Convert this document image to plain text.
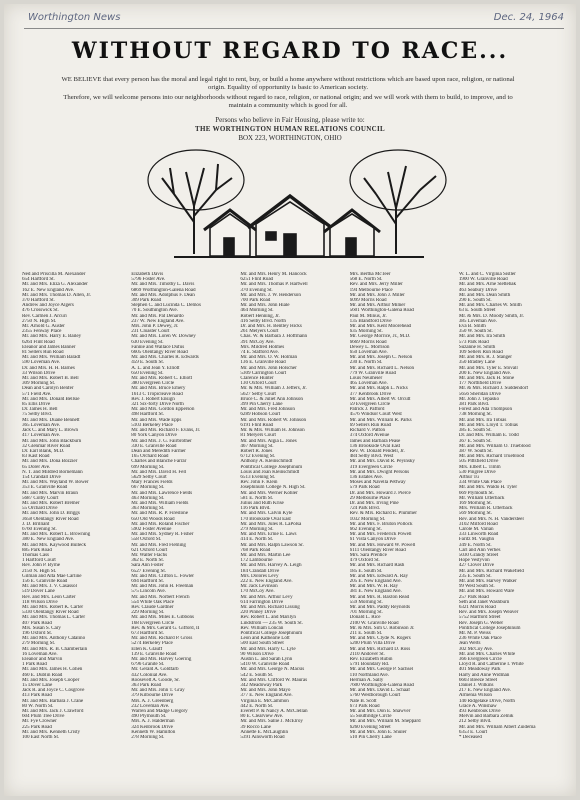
Worthington News	Dec. 24, 1964
WITHOUT REGARD TO RACE...
WE BELIEVE that every person has the moral and legal right to rent, buy, or build a home anywhere without restrictions which are based upon race, religion, or national origin. Equality of opportunity is basic to American society.
Therefore, we will welcome persons into our neighborhoods without regard to race, religion, or national origin; and we will work with them to build, to improve, and to maintain a community which is good for all.
Persons who believe in Fair Housing, please write to:
THE WORTHINGTON HUMAN RELATIONS COUNCIL
BOX 223, WORTHINGTON, OHIO
Ned and Priscilla M. Alexander
654 Hartford St.
Mr. and Mrs. Eliza G. Alexander
162 E. New England Ave.
Mr. and Mrs. Thomas D. Allen, Jr.
370 Hartford St.
Andrew and Joyce Algers
476 Crosswick St.
Rev. Carmen J. Arcuri
2750 N. High St.
Mr. Arnold G. Auster
2355 Fenway Place
Mr. and Mrs. Harry E. Bailey
6264 Flint Road
Eleanor and James Banner
81 Sellers Run Road
Mr. and Mrs. William Baradt
590 Loveman Ave.
Dr. and Mrs. H. H. Barnes
33 Wilson Drive
Mr. and Mrs. Robert B. Bell
309 Morning St.
Dean and Carolyn Benfer
571 Field Ave.
Mr. and Mrs. Donald Bellsie
85 Ellis Drive
Dr. James H. Bell
75 Selby Blvd.
Mr. and Mrs. Duane Bennett
365 Loveman Ave.
Jack C. and Mary L. Brown
417 Loveman Ave.
Mr. and Mrs. John Blackburn
32 Glenmar River Road
Dr. Earl Blank, M.D.
83 Kast Road
Mr. and Mrs. Dona Bozzier
65 Dorer Ave.
N. T. and Mildred Bornemann
154 Crandall Drive
Mr. and Mrs. Wayland W. Bower
353 E. Granville Road
Mr. and Mrs. Marvin Braun
5687 Colby Court
Mr. and Mrs. Robert Bremer
55 Orchard Drive
Mr. and Mrs. John D. Briggs
3658 Olentangy River Road
J. D. Brilliant
6760 Evening St.
Mr. and Mrs. Robert L. Browning
380 E. New England Ave.
Mr. and Mrs. Kaywood Bulleck
885 Park Road
Thomas Cass
1 Hartford Court
Rev. John P. Byrne
2150 N. High St.
Gilman and Alta Mae Carline
156 E. Granville Road
Mr. and Mrs. J. V. Casassol
519 Dover Lane
Rev. and Mrs. Leon Carter
118 Wilson Drive
Mr. and Mrs. Robert K. Carter
5330 Olentangy River Road
Mr. and Mrs. Thomas L. Carter
407 Park Road
Mrs. Susan S. Cary
196 Oxford St.
Mr. and Mrs. Anthony Catalino
279 Morning St.
Mr. and Mrs. R. B. Chamberlain
16 Loveman Ave.
Eleanor and Marvin
1 Park Road
Mr. and Mrs. James H. Cohen
460 E. Dublin Road
Mr. and Mrs. Joseph Cooper
15 Dover Lane
Jack R. and Joyce C. Cosgrove
413 Park Road
Mr. and Mrs. Barbara J. Crane
80 W. North St.
Mr. and Mrs. Jack J. Crawford
604 Plum Tree Drive
Mr. Fye Crowner
225 Park Road
Mr. and Mrs. Kenneth Cristy
100 East North St.
Elizabeth Davis
5796 Foster Ave.
Mr. and Mrs. Timothy L. Davis
6869 Worthington-Galena Road
Mr. and Mrs. Adolphus F. Dean
309 Park Road
Stephen C. and Lucinda C. Demos
70 E. Southington Ave.
Mr. and Mrs. Pat Denardo
237 W. New England Ave.
Mrs. John P. Dewey, Jr.
231 Cloaster Court
Mr. and Mrs. Loren W. Downey
630 Evening St.
Fannie and Wallace Dufus
6605 Olentangy River Road
Mr. and Mrs. Charles R. Edwards
459 E. South St.
A. L. and Jean Y. Elliott
650 Evening St.
Mr. and Mrs. Robert C. Elliott
380 Evergreen Circle
Mr. and Mrs. Bruce Emery
1613 C Tropicleave Road
Rev. J. Robert Ensign
321 Six-forty Drive North
Mr. and Mrs. Gordon Epperson
498 Hartford St.
Mr. and Mrs. Wade Epps
5103 Berkeley Place
Mr. and Mrs. Richard F. Evans, Jr.
80 York Canyon Drive
Mr. and Mrs. J. G. Fairbrother
330 E. Granville Road
Dean and Meredith Farmer
165 Orchard Road
Charles and Blanche Farrar
699 Morning St.
Mr. and Mrs. David H. Fell
5629 Selby Court
Mary Frances Fields
667 Morning St.
Mr. and Mrs. Lawrence Fields
463 Morning St.
Mr. and Mrs. William Fields
363 Morning St.
Mr. and Mrs. R. P. Firestone
650 Old Woods Road
Mr. and Mrs. Roland Fischer
5902 Foster Avenue
Mr. and Mrs. Sydney R. Fisher
558 Oxford St.
Mr. and Mrs. Fred Fleming
621 Oxford Court
Mr. Walter Flachs
362 E. North St.
Sara Ann Foster
6527 Evening St.
Mr. and Mrs. Clifton L. Fowler
694 Hartford St.
Mr. and Mrs. John H. Freeman
575 Lincoln Ave.
Mr. and Mrs. Norbert French
554 White Oak Place
Rev. Claude Gardner
229 Morning St.
Mr. and Mrs. Miles E. Gibbons
168 Evergreen Circle
Rev. & Mrs. Gerard G. Gifford, II
673 Hartford St.
Mr. and Mrs. Richard P. Gross
5274 Berkeley Place
Ellen K. Glauff
139 E. Granville Road
Mr. and Mrs. Harvey Goering
6796 Granite St.
Mr. Gerald A. Goldfarb
432 Colonial Ave.
Roosevelt A. Goode, Sr.
363 Park Road
Mr. and Mrs. John T. Gray
379 Kilbourne Drive
Mrs. A. J. Greenberg
232 Loveman Ave.
Warren and Madge Gregory
490 Plymouth St.
Mrs. A. J. Halderman
324 Kenbrook Drive
Kenneth W. Hamilton
278 Morning St.
Mr. and Mrs. Henry M. Hancock
6251 Flint Road
Mr. and Mrs. Thomas P. Hartwell
370 Evening St.
Mr. and Mrs. J. W. Henderson
700 Park Road
Mr. and Mrs. John Hiale
464 Morning St.
Robert Henning, Jr.
416 Selby Blvd. North
Dr. and Mrs. H. Bentley Hicks
261 Melyers Court
Chas. W. & Barbara J. Hoffmann
391 McCoy Ave.
Mrs. Mildred Holmes
74 E. Stafford Ave.
Mr. and Mrs. O. W. Holman
136 E. Granville Road
Mr. and Mrs. John Holscher
5309 Carrington Court
Clarence Hunter
130 Oxford Court
Mr. & Mrs. William J. Jeffers, Jr.
5627 Selby Court
Bruce C. & Juliet Ann Johnson
399 Pin Cherry Lane
Mr. and Mrs. Fred Johnson
6289 Hobson Court
Mr. and Mrs. Robert W. Johnson
6191 Flint Road
Mr. & Mrs. William H. Johnson
81 Melyers Court
Mr. and Mrs. Algia L. Jones
467 Morning St.
Robert R. Jones
6712 Evening St.
Anthony A. Kleinschmidt
Pontifical College Josephinum
Louis and Joan Kleinschmidt
6513 Evening St.
Rev. John F. Klein
Josephinum College N. High St.
Mr. and Mrs. Werner Kohler
581 E. North St.
Julius and Ruth Krise
116 Park Blvd.
Mr. and Mrs. Calvin Kyle
170 Brookside Oval East
Mr. and Mrs. Jules R. LaPolsa
279 Morning St.
Mr. and Mrs. Ernie E. Laws
414 E. North St.
Mr. and Mrs. Ralph Lawson Sr.
768 Park Road
Mr. and Mrs. Martin Lee
172 Lambourne
Mr. and Mrs. Harvey A. Leigh
184 Crandall Drive
Mrs. Dolores Levy
222 E. New England Ave.
Mr. Jack Levinson
170 McCoy Ave.
Mr. and Mrs. Arthur Levy
614 Farrington Drive
Mr. and Mrs. Richard Lissing
220 Pinney Drive
Rev. Robert L. and Marilyn
Lindstrom — 235 W. South St.
Rev. William Loncan
Pontifical College Josephinum
Leon and Kathearie Lott
500 East South Street
Mr. and Mrs. Harry C. Lyle
90 Wilson Drive
Austin L. and Sarah Lynn
5410 W. Granville Road
Mr. and Mrs. George N. Macsis
542 E. South St.
Mr. and Mrs. Clifford W. Mauras
342 Meadoway Park
Mr. and Mrs. John Mayo
377 E. New England Ave.
Virginia E. McCammon
442 E. North St.
Everett P. & Nancy A. McClellan
80 E. Clearview Ave.
Mr. and Mrs. Sallie J. McElroy
39 Rocco Lane
Annette E. McLaughlin
5391 Ainsworth Road
Mrs. Bertha McTeer
568 E. North St.
Rev. and Mrs. Jerry Miller
194 Melbourne Place
Mr. and Mrs. John J. Miller
6099 Morris Road
Mr. and Mrs. Arthur Milner
5601 Worthington-Galena Road
Paul M. Minus, Jr.
135 Blandford Drive
Mr. and Mrs. Kent Moorehead
635 Morning St.
Mr. George Morrice, Jr., M.D.
6669 Morris Road
Dewey L. Morrison
650 Loveman Ave.
Mr. and Mrs. Joseph C. Nelson
230 E. North St.
Mr. and Mrs. Richard L. Nelson
779 W. Granville Road
Louis Neumeier
465 Loveman Ave.
Mr. and Mrs. Ralph L. Nicks
377 Kenbrook Drive
Mr. and Mrs. Albert W. Orcutt
59 Evergreen Circle
Patrick J. Pafford
4576 Windsor Court West
Mr. and Mrs. William R. Parks
69 Sellers Run Road
Richard V. Patton
374 Oxford Avenue
James and Barbara Pease
136 Brookside Oval East
Rev. W. Donald Pendell, Jr.
484 Selby Blvd. West
Mr. and Mrs. David R. Peyinsky
319 Evergreen Circle
Mr. and Mrs. Dwight Persons
136 Estates Ave.
Moses and Navella Pettway
579 Park Road
Dr. and Mrs. Howard J. Pierce
29 Melbourne Place
Dr. and Mrs. Irving Pine
724 Park Blvd.
Rev. & Mrs. Richard E. Plummer
1032 Morning St.
Mr. and Mrs. F. Bruton Pollock
662 Evening St.
Mr. and Mrs. Frederick Powell
61 Vista Canyon Drive
Mr. and Mrs. Howard W. Powell
6111 Olentangy River Road
Mrs. Sara Prentice
479 Oxford St.
Mr. and Mrs. Richard Rash
185 E. South St.
Mr. and Mrs. Edward A. Ray
205 E. New England Ave.
Mr. and Mrs. W. H. Ray
381 E. New England Ave.
Mr. and Mrs. R. Baxton Read
559 Morning St.
Mr. and Mrs. Paddy Reynolds
701 Morning St.
Donald L. Rice
2100 W. Granville Road
Mr. & Mrs. Sim U. Robinson Jr.
211 E. South St.
Mr. and Mrs. Clyde N. Rogers
5200 Plum Villa Drive
Mr. and Mrs. Richard D. Ross
2110 Andover St.
Rev. Elizabeth Rubin
5791 Boundary Rd.
Mr. and Mrs. George P. Sachsel
110 Northland Ave.
Herman A. Sally
7600 Worthington-Galena Road
Mr. and Mrs. David L. Schaaf
5760 Westborough Court
Nate B. Scott
673 Park Road
Mr. and Mrs. Don E. Shawver
55 Southridge Circle
Mr. and Mrs. William M. Sheppard
6260 Evening Street
Mr. and Mrs. John E. Shuler
510 Pin Cherry Lane
W. L. and C. Virginia Sistler
1900 W. Granville Road
Mr. and Mrs. Arne Slettebak
463 Seabury Drive
Mr. and Mrs. Dean Smith
290 E. South St.
Mr. and Mrs. Charles W. Smith
63 E. South Street
Mr. & Mrs. D. Moody Smith, Jr.
385 Loveman Ave.
Eva B. Smith
350 W. South St.
Mr. and Mrs. Ira Smith
573 Park Road
Suzanne H. Smith
109 Sellers Run Road
Mr. and Mrs. R. J. Stanger
350 Bradley Lane
Mr. and Mrs. Tyler E. Stovall
200 E. New England Ave.
Mr. and Mrs. Jack H. Stone
177 Northfield Drive
Mr. & Mrs. Richard J. Suddendorf
5656 Sheridan Drive
Mr. John J. Tepasko
381 Park Blvd.
Forest and Ada Thompson
738 Morning St.
Mr. and Mrs. Ira Tobias
Mr. and Mrs. Lloyd T. Tobias
385 E. South St.
Dr. and Mrs. William E. Todd
367 E. South St.
Mr. and Mrs. William O. Trueblood
387 W. South St.
Mr. and Mrs. Richard Trueblood
505 Pittsfield Drive
Mrs. Elbert L. Timm
530 Pingree Drive
Arthur Tu
334 White Oak Place
Mr. and Mrs. Waldo H. Tyler
669 Plymouth St.
Mr. William Utterback
169 Morning St.
Mrs. William R. Utterback
569 Morning St.
Rev. and Mrs. N. H. Vandersteel
3102 Milford Road
Carole M. Varian
333 Linworth Road
Faritz M. Vaughn
349 E. North St.
Carl and Ann Verhes
5030 Grandy Street
Hope Vestyvon
427 Clover Drive
Mr. and Mrs. Richard Wakefield
235 E. South St.
Mr. and Mrs. Harvey Walker
99 West South St.
Mr. and Mrs. Howard Ware
257 Park Road
Seth and Janet Washburn
6321 Morris Road
Rev. and Mrs. Joseph Weaver
5752 Hartford Street
Rev. Joseph G. Weber
Pontifical College Josephinum
Mr. M. P. Weiss
236 White Oak Place
Jean Werts
302 McCoy Ave.
Mr. and Mrs. Charles White
366 Evergreen Circle
Lloyd R. and Catherine I. White
401 Meadoway Park
Harry and Anne Widman
6603 Breeze Street
Daniel J. Wilkins
217 E. New England Ave.
Armenia Wilson
140 Ridgelake Drive, North
Grace A. Winshaw
493 Kenbrook Drive
Melvin and Barbara Zelnik
212 Selby Blvd.
Mr. and Mrs. William Albert Zuidema
6353 E. Court
* Deceased
